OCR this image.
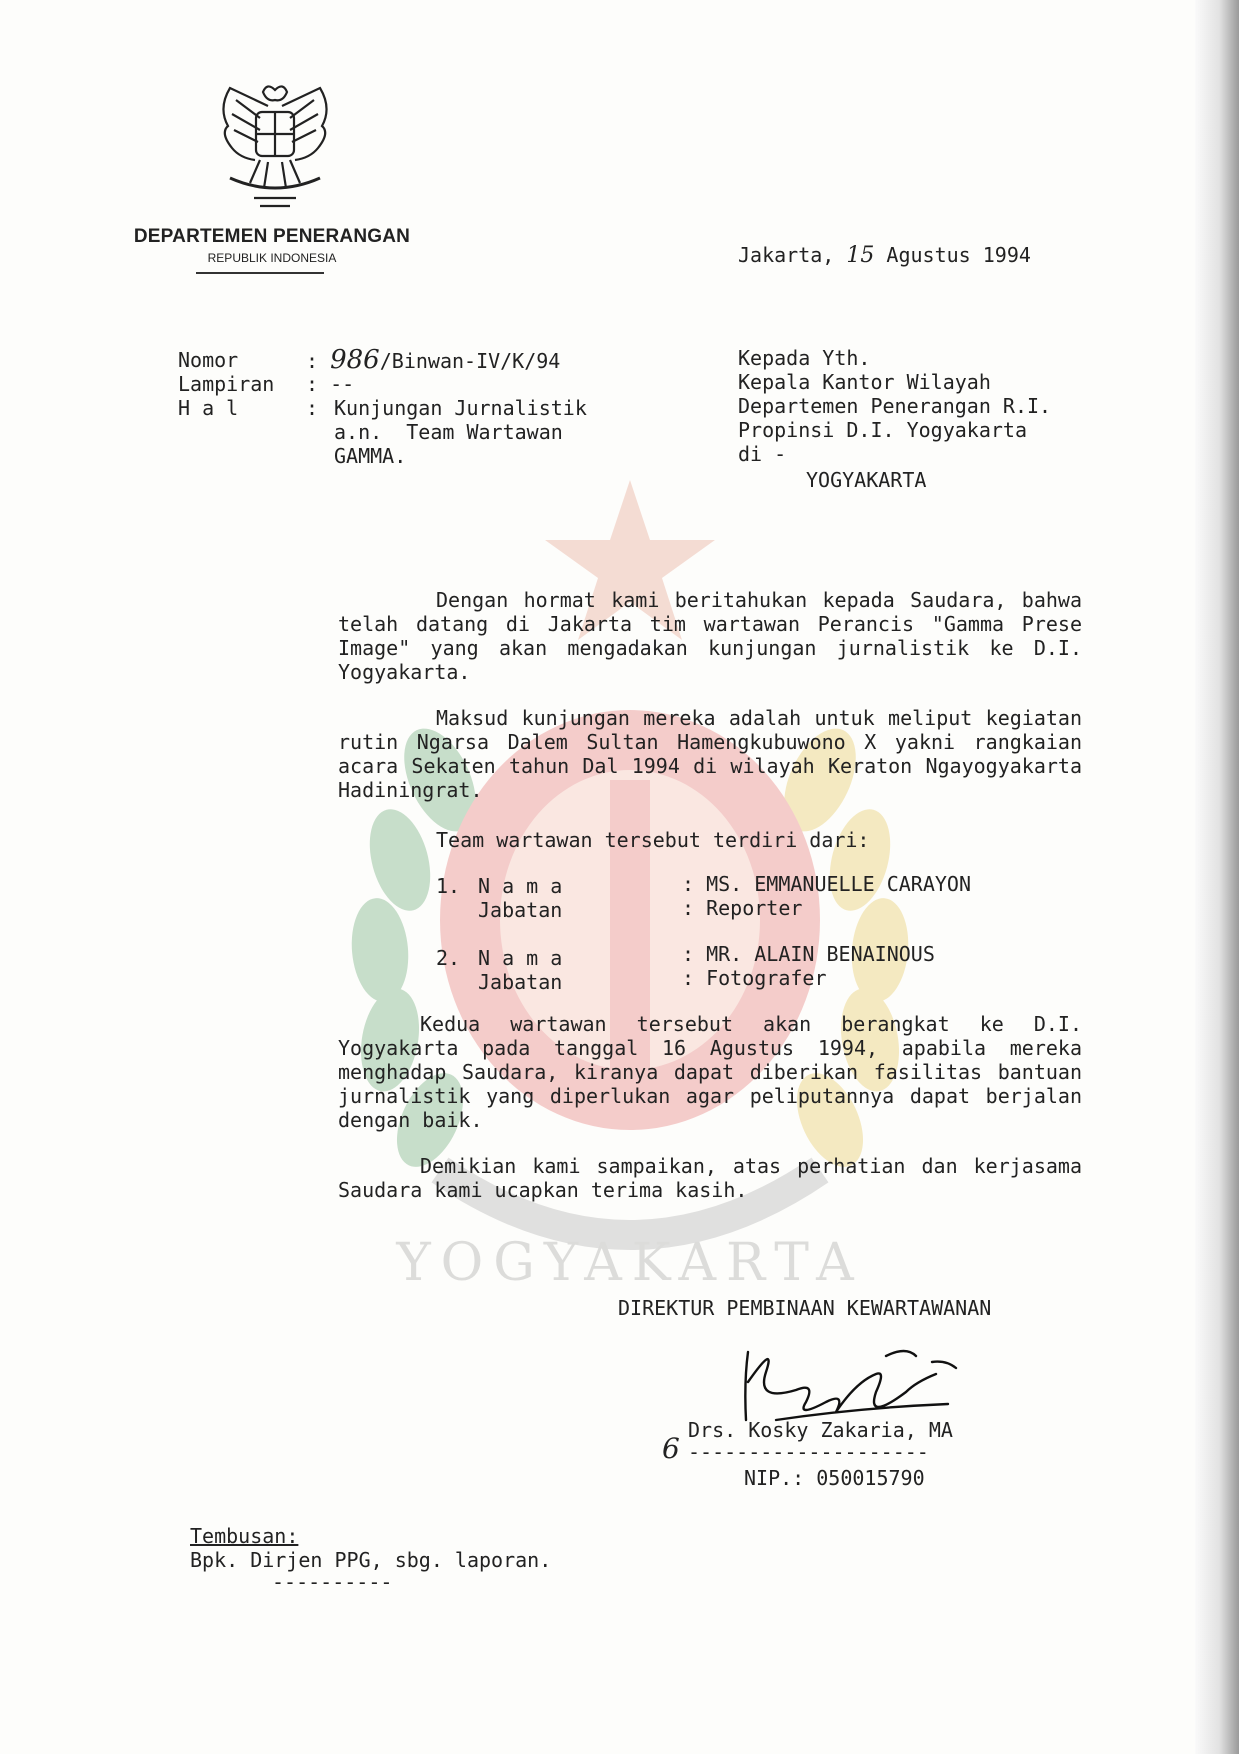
YOGYAKARTA
DEPARTEMEN PENERANGAN
REPUBLIK INDONESIA	Jakarta, 15 Agustus 1994
Nomor	: 986/Binwan-IV/K/94
Lampiran : --
H a l	: Kunjungan Jurnalistik
a.n.  Team Wartawan
GAMMA.
Kepada Yth.
Kepala Kantor Wilayah
Departemen Penerangan R.I.
Propinsi D.I. Yogyakarta
di -
YOGYAKARTA
Dengan hormat kami beritahukan kepada Saudara, bahwa telah datang di Jakarta tim wartawan Perancis "Gamma Prese Image" yang akan mengadakan kunjungan jurnalistik ke D.I. Yogyakarta.
Maksud kunjungan mereka adalah untuk meliput kegiatan rutin Ngarsa Dalem Sultan Hamengkubuwono X yakni rangkaian acara Sekaten tahun Dal 1994 di wilayah Keraton Ngayogyakarta Hadiningrat.
Team wartawan tersebut terdiri dari:
1. N a m a	: MS. EMMANUELLE CARAYON
Jabatan	: Reporter
2. N a m a	: MR. ALAIN BENAINOUS
Jabatan	: Fotografer
Kedua wartawan tersebut akan berangkat ke D.I. Yogyakarta pada tanggal 16 Agustus 1994, apabila mereka menghadap Saudara, kiranya dapat diberikan fasilitas bantuan jurnalistik yang diperlukan agar peliputannya dapat berjalan dengan baik.
Demikian kami sampaikan, atas perhatian dan kerjasama Saudara kami ucapkan terima kasih.
DIREKTUR PEMBINAAN KEWARTAWANAN
Drs. Kosky Zakaria, MA
6 --------------------
NIP.: 050015790
Tembusan:
Bpk. Dirjen PPG, sbg. laporan.
----------
